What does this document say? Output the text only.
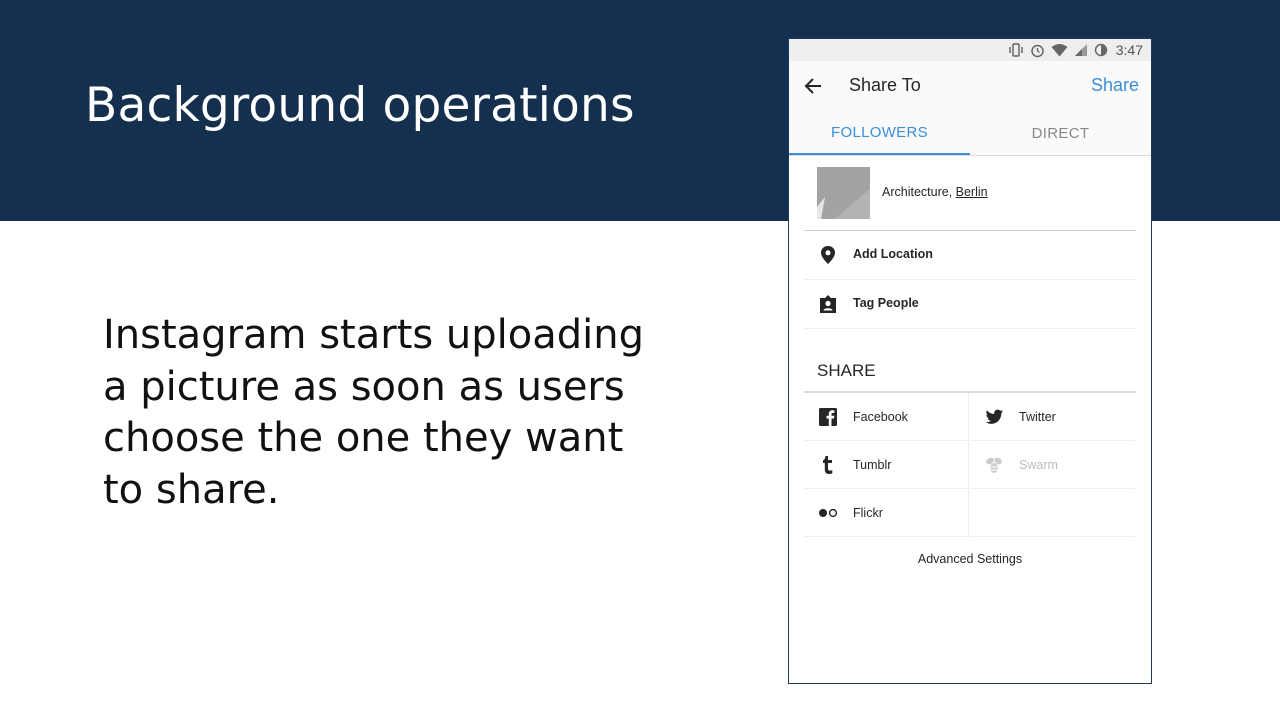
Background operations
Instagram starts uploading a picture as soon as users choose the one they want to share.
3:47
Share To	Share
FOLLOWERS	DIRECT
Architecture, Berlin
Add Location
Tag People
SHARE
Facebook	Twitter
Tumblr	Swarm
Flickr
Advanced Settings
